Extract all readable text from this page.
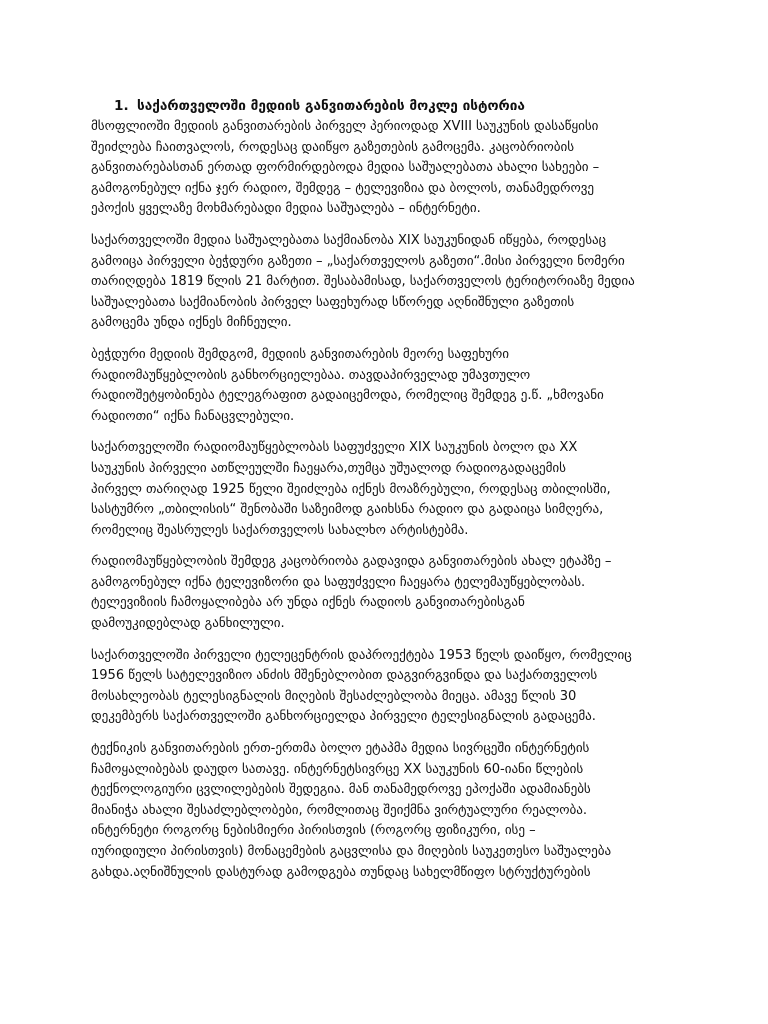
1. საქართველოში მედიის განვითარების მოკლე ისტორია

მსოფლიოში მედიის განვითარების პირველ პერიოდად XVIII საუკუნის დასაწყისი
შეიძლება ჩაითვალოს, როდესაც დაიწყო გაზეთების გამოცემა. კაცობრიობის
განვითარებასთან ერთად ფორმირდებოდა მედია საშუალებათა ახალი სახეები –
გამოგონებულ იქნა ჯერ რადიო, შემდეგ – ტელევიზია და ბოლოს, თანამედროვე
ეპოქის ყველაზე მოხმარებადი მედია საშუალება – ინტერნეტი.

საქართველოში მედია საშუალებათა საქმიანობა XIX საუკუნიდან იწყება, როდესაც
გამოიცა პირველი ბეჭდური გაზეთი – „საქართველოს გაზეთი“.მისი პირველი ნომერი
თარიღდება 1819 წლის 21 მარტით. შესაბამისად, საქართველოს ტერიტორიაზე მედია
საშუალებათა საქმიანობის პირველ საფეხურად სწორედ აღნიშნული გაზეთის
გამოცემა უნდა იქნეს მიჩნეული.

ბეჭდური მედიის შემდგომ, მედიის განვითარების მეორე საფეხური
რადიომაუწყებლობის განხორციელებაა. თავდაპირველად უმავთულო
რადიოშეტყობინება ტელეგრაფით გადაიცემოდა, რომელიც შემდეგ ე.წ. „ხმოვანი
რადიოთი“ იქნა ჩანაცვლებული.

საქართველოში რადიომაუწყებლობას საფუძველი XIX საუკუნის ბოლო და XX
საუკუნის პირველი ათწლეულში ჩაეყარა,თუმცა უშუალოდ რადიოგადაცემის
პირველ თარიღად 1925 წელი შეიძლება იქნეს მოაზრებული, როდესაც თბილისში,
სასტუმრო „თბილისის“ შენობაში საზეიმოდ გაიხსნა რადიო და გადაიცა სიმღერა,
რომელიც შეასრულეს საქართველოს სახალხო არტისტებმა.

რადიომაუწყებლობის შემდეგ კაცობრიობა გადავიდა განვითარების ახალ ეტაპზე –
გამოგონებულ იქნა ტელევიზორი და საფუძველი ჩაეყარა ტელემაუწყებლობას.
ტელევიზიის ჩამოყალიბება არ უნდა იქნეს რადიოს განვითარებისგან
დამოუკიდებლად განხილული.

საქართველოში პირველი ტელეცენტრის დაპროექტება 1953 წელს დაიწყო, რომელიც
1956 წელს სატელევიზიო ანძის მშენებლობით დაგვირგვინდა და საქართველოს
მოსახლეობას ტელესიგნალის მიღების შესაძლებლობა მიეცა. ამავე წლის 30
დეკემბერს საქართველოში განხორციელდა პირველი ტელესიგნალის გადაცემა.

ტექნიკის განვითარების ერთ-ერთმა ბოლო ეტაპმა მედია სივრცეში ინტერნეტის
ჩამოყალიბებას დაუდო სათავე. ინტერნეტსივრცე XX საუკუნის 60-იანი წლების
ტექნოლოგიური ცვლილებების შედეგია. მან თანამედროვე ეპოქაში ადამიანებს
მიანიჭა ახალი შესაძლებლობები, რომლითაც შეიქმნა ვირტუალური რეალობა.
ინტერნეტი როგორც ნებისმიერი პირისთვის (როგორც ფიზიკური, ისე –
იურიდიული პირისთვის) მონაცემების გაცვლისა და მიღების საუკეთესო საშუალება
გახდა.აღნიშნულის დასტურად გამოდგება თუნდაც სახელმწიფო სტრუქტურების
